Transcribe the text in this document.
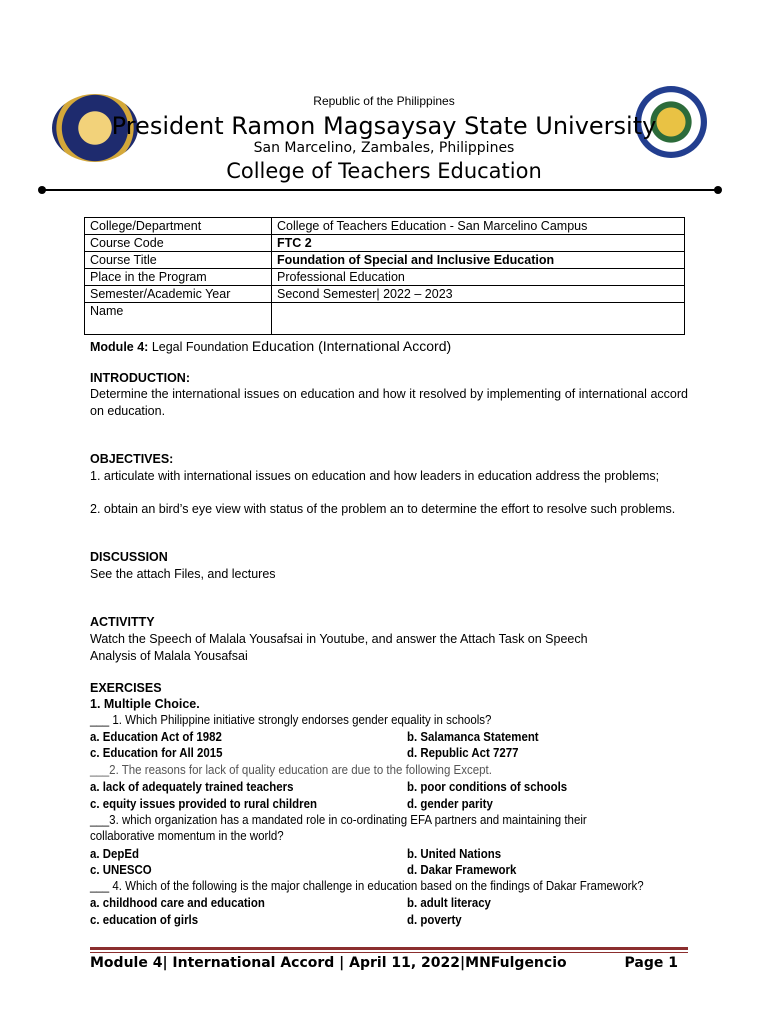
Republic of the Philippines
President Ramon Magsaysay State University
San Marcelino, Zambales, Philippines
College of Teachers Education
College/Department	College of Teachers Education - San Marcelino Campus
Course Code	FTC 2
Course Title	Foundation of Special and Inclusive Education
Place in the Program	Professional Education
Semester/Academic Year	Second Semester| 2022 – 2023
Name	
Module 4: Legal Foundation Education (International Accord)
INTRODUCTION:
Determine the international issues on education and how it resolved by implementing of international accord on education.
OBJECTIVES:
1. articulate with international issues on education and how leaders in education address the problems;
2. obtain an bird’s eye view with status of the problem an to determine the effort to resolve such problems.
DISCUSSION
See the attach Files, and lectures
ACTIVITTY
Watch the Speech of Malala Yousafsai in Youtube, and answer the Attach Task on Speech
Analysis of Malala Yousafsai
EXERCISES
1. Multiple Choice.
___ 1. Which Philippine initiative strongly endorses gender equality in schools?
a. Education Act of 1982	b. Salamanca Statement
c. Education for All 2015	d. Republic Act 7277
___2. The reasons for lack of quality education are due to the following Except.
a. lack of adequately trained teachers	b. poor conditions of schools
c. equity issues provided to rural children	d. gender parity
___3. which organization has a mandated role in co-ordinating EFA partners and maintaining their
collaborative momentum in the world?
a. DepEd	b. United Nations
c. UNESCO	d. Dakar Framework
___ 4. Which of the following is the major challenge in education based on the findings of Dakar Framework?
a. childhood care and education	b. adult literacy
c. education of girls	d. poverty
Module 4| International Accord | April 11, 2022|MNFulgencio	Page 1
